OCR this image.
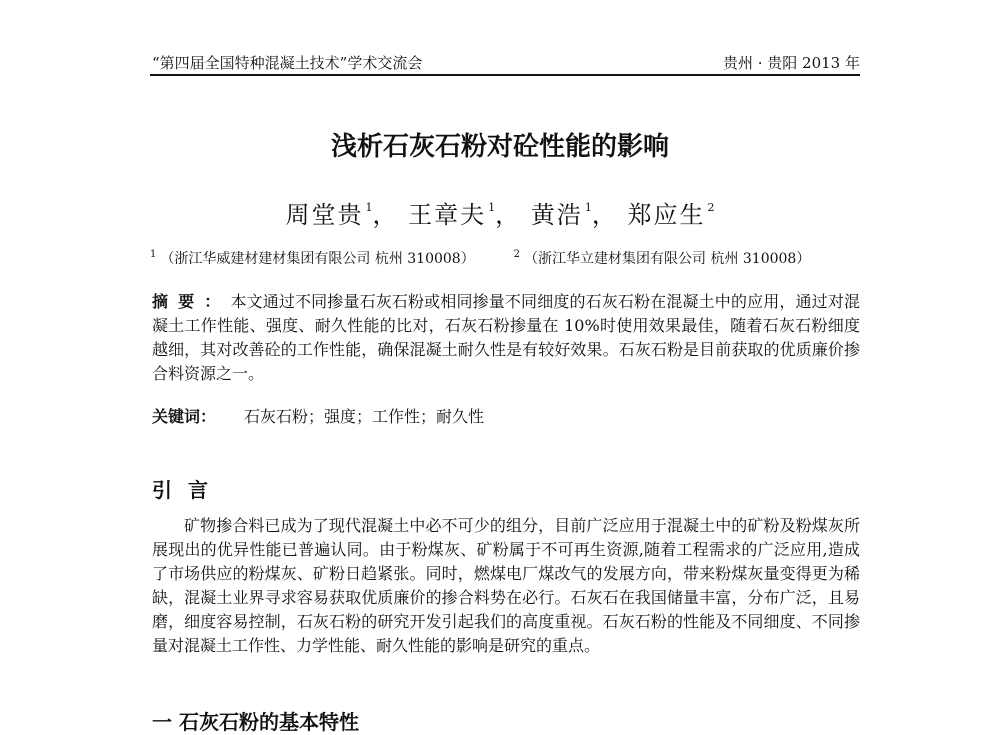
“第四届全国特种混凝土技术”学术交流会	贵州 · 贵阳 2013 年
浅析石灰石粉对砼性能的影响
周堂贵 $^1$， 王章夫 $^1$， 黄浩 $^1$， 郑应生 $^2$
$^1$ （浙江华威建材建材集团有限公司 杭州 310008）	$^2$ （浙江华立建材集团有限公司 杭州 310008）
摘要：本文通过不同掺量石灰石粉或相同掺量不同细度的石灰石粉在混凝土中的应用，通过对混凝土工作性能、强度、耐久性能的比对，石灰石粉掺量在 10%时使用效果最佳，随着石灰石粉细度越细，其对改善砼的工作性能，确保混凝土耐久性是有较好效果。石灰石粉是目前获取的优质廉价掺合料资源之一。
关键词： 石灰石粉；强度；工作性；耐久性
引言
矿物掺合料已成为了现代混凝土中必不可少的组分，目前广泛应用于混凝土中的矿粉及粉煤灰所展现出的优异性能已普遍认同。由于粉煤灰、矿粉属于不可再生资源,随着工程需求的广泛应用,造成了市场供应的粉煤灰、矿粉日趋紧张。同时，燃煤电厂煤改气的发展方向，带来粉煤灰量变得更为稀缺，混凝土业界寻求容易获取优质廉价的掺合料势在必行。石灰石在我国储量丰富，分布广泛，且易磨，细度容易控制，石灰石粉的研究开发引起我们的高度重视。石灰石粉的性能及不同细度、不同掺量对混凝土工作性、力学性能、耐久性能的影响是研究的重点。
一 石灰石粉的基本特性
